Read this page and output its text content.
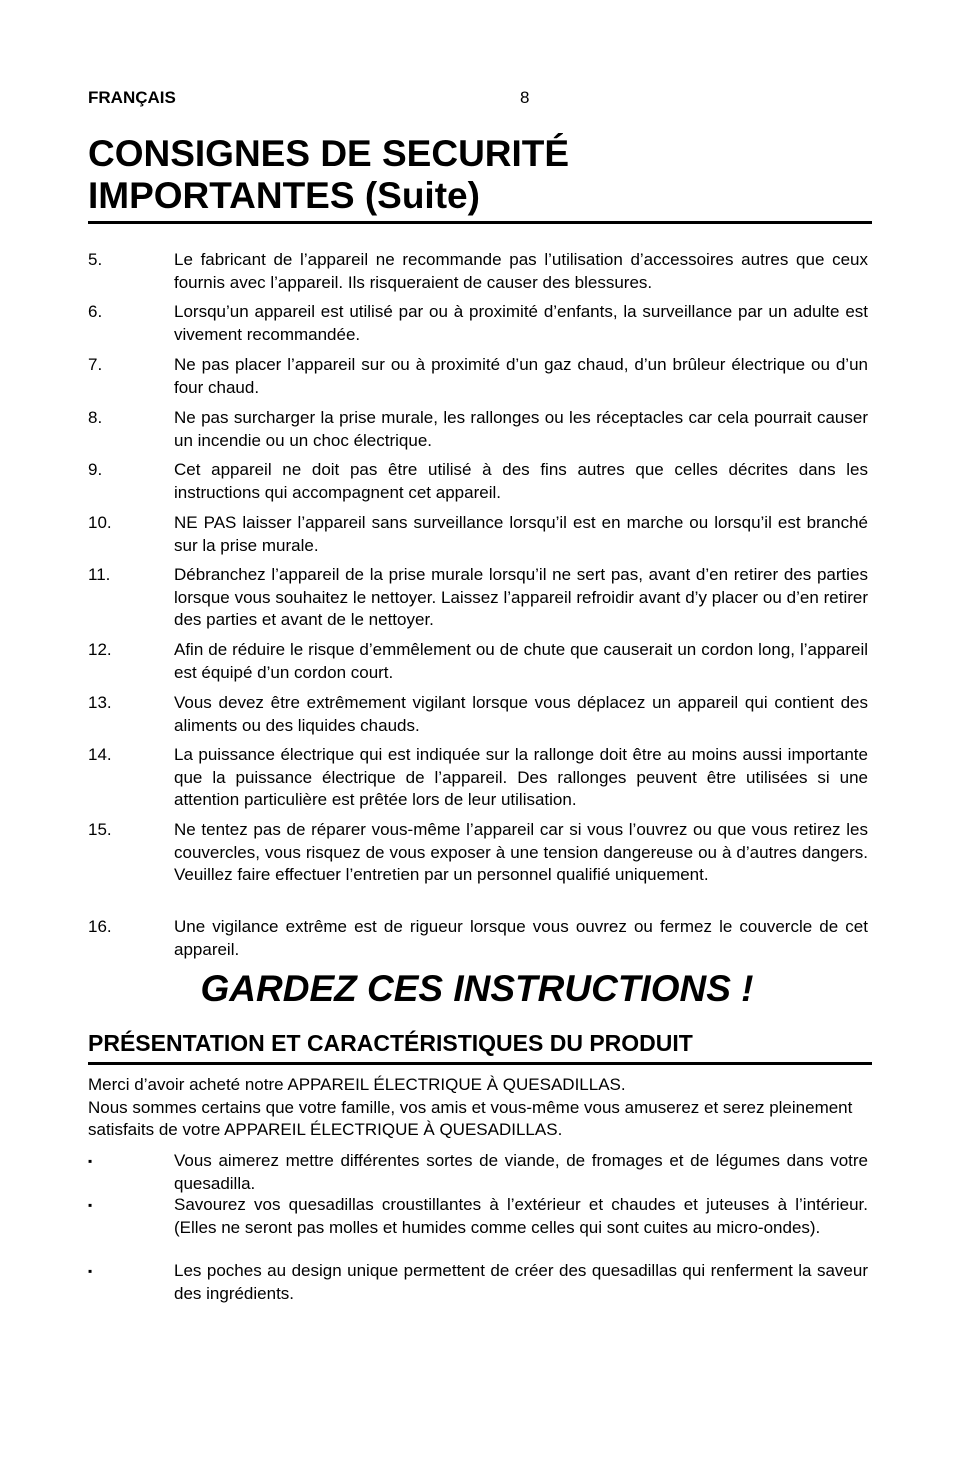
FRANÇAIS	8
CONSIGNES DE SECURITÉ
IMPORTANTES (Suite)
5.	Le fabricant de l’appareil ne recommande pas l’utilisation d’accessoires autres que ceux fournis avec l’appareil. Ils risqueraient de causer des blessures.
6.	Lorsqu’un appareil est utilisé par ou à proximité d’enfants, la surveillance par un adulte est vivement recommandée.
7.	Ne pas placer l’appareil sur ou à proximité d’un gaz chaud, d’un brûleur électrique ou d’un four chaud.
8.	Ne pas surcharger la prise murale, les rallonges ou les réceptacles car cela pourrait causer un incendie ou un choc électrique.
9.	Cet appareil ne doit pas être utilisé à des fins autres que celles décrites dans les instructions qui accompagnent cet appareil.
10.	NE PAS laisser l’appareil sans surveillance lorsqu’il est en marche ou lorsqu’il est branché sur la prise murale.
11.	Débranchez l’appareil de la prise murale lorsqu’il ne sert pas, avant d’en retirer des parties lorsque vous souhaitez le nettoyer. Laissez l’appareil refroidir avant d’y placer ou d’en retirer des parties et avant de le nettoyer.
12.	Afin de réduire le risque d’emmêlement ou de chute que causerait un cordon long, l’appareil est équipé d’un cordon court.
13.	Vous devez être extrêmement vigilant lorsque vous déplacez un appareil qui contient des aliments ou des liquides chauds.
14.	La puissance électrique qui est indiquée sur la rallonge doit être au moins aussi importante que la puissance électrique de l’appareil. Des rallonges peuvent être utilisées si une attention particulière est prêtée lors de leur utilisation.
15.	Ne tentez pas de réparer vous-même l’appareil car si vous l’ouvrez ou que vous retirez les couvercles, vous risquez de vous exposer à une tension dangereuse ou à d’autres dangers. Veuillez faire effectuer l’entretien par un personnel qualifié uniquement.
16.	Une vigilance extrême est de rigueur lorsque vous ouvrez ou fermez le couvercle de cet appareil.
GARDEZ CES INSTRUCTIONS !
PRÉSENTATION ET CARACTÉRISTIQUES DU PRODUIT
Merci d’avoir acheté notre APPAREIL ÉLECTRIQUE À QUESADILLAS.
Nous sommes certains que votre famille, vos amis et vous-même vous amuserez et serez pleinement satisfaits de votre APPAREIL ÉLECTRIQUE À QUESADILLAS.
▪	Vous aimerez mettre différentes sortes de viande, de fromages et de légumes dans votre quesadilla.
▪	Savourez vos quesadillas croustillantes à l’extérieur et chaudes et juteuses à l’intérieur. (Elles ne seront pas molles et humides comme celles qui sont cuites au micro-ondes).
▪	Les poches au design unique permettent de créer des quesadillas qui renferment la saveur des ingrédients.
